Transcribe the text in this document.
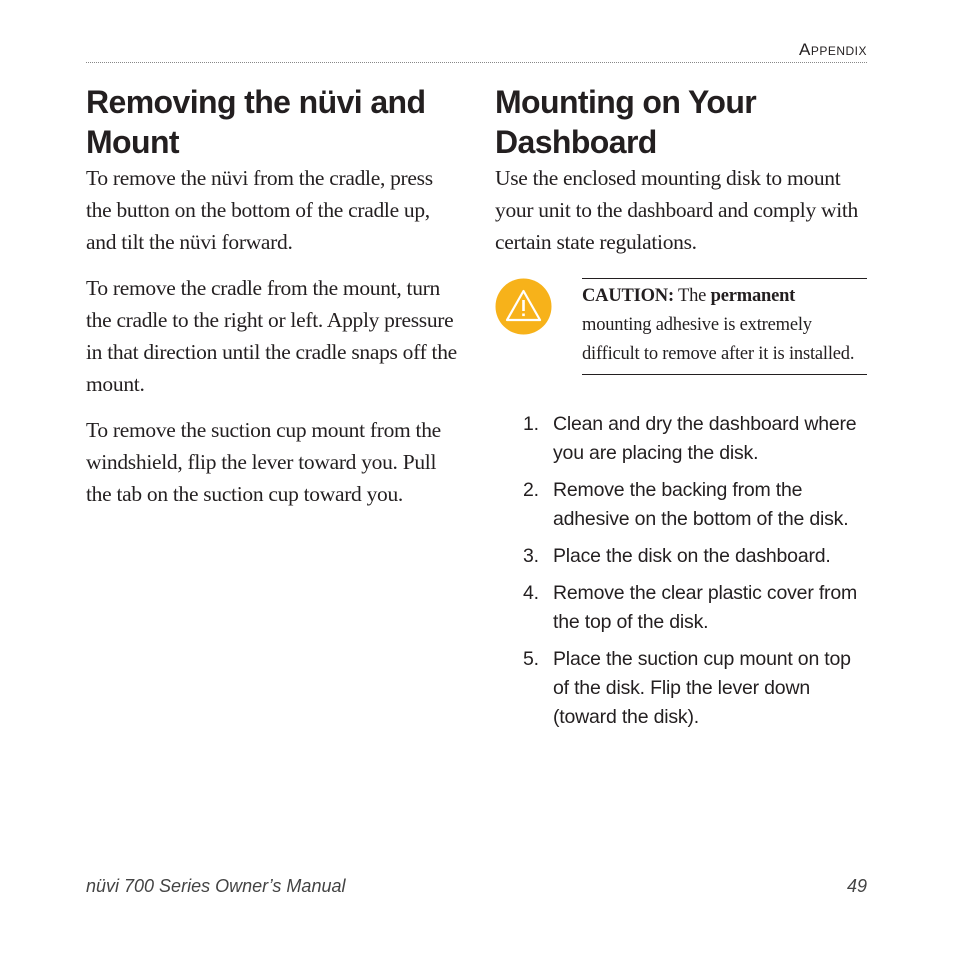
Appendix
Removing the nüvi and Mount

To remove the nüvi from the cradle, press the button on the bottom of the cradle up, and tilt the nüvi forward.

To remove the cradle from the mount, turn the cradle to the right or left. Apply pressure in that direction until the cradle snaps off the mount.

To remove the suction cup mount from the windshield, flip the lever toward you. Pull the tab on the suction cup toward you.

Mounting on Your Dashboard

Use the enclosed mounting disk to mount your unit to the dashboard and comply with certain state regulations.

CAUTION: The permanent mounting adhesive is extremely difficult to remove after it is installed.
1. Clean and dry the dashboard where you are placing the disk.
2. Remove the backing from the adhesive on the bottom of the disk.
3. Place the disk on the dashboard.
4. Remove the clear plastic cover from the top of the disk.
5. Place the suction cup mount on top of the disk. Flip the lever down (toward the disk).
nüvi 700 Series Owner’s Manual	49
